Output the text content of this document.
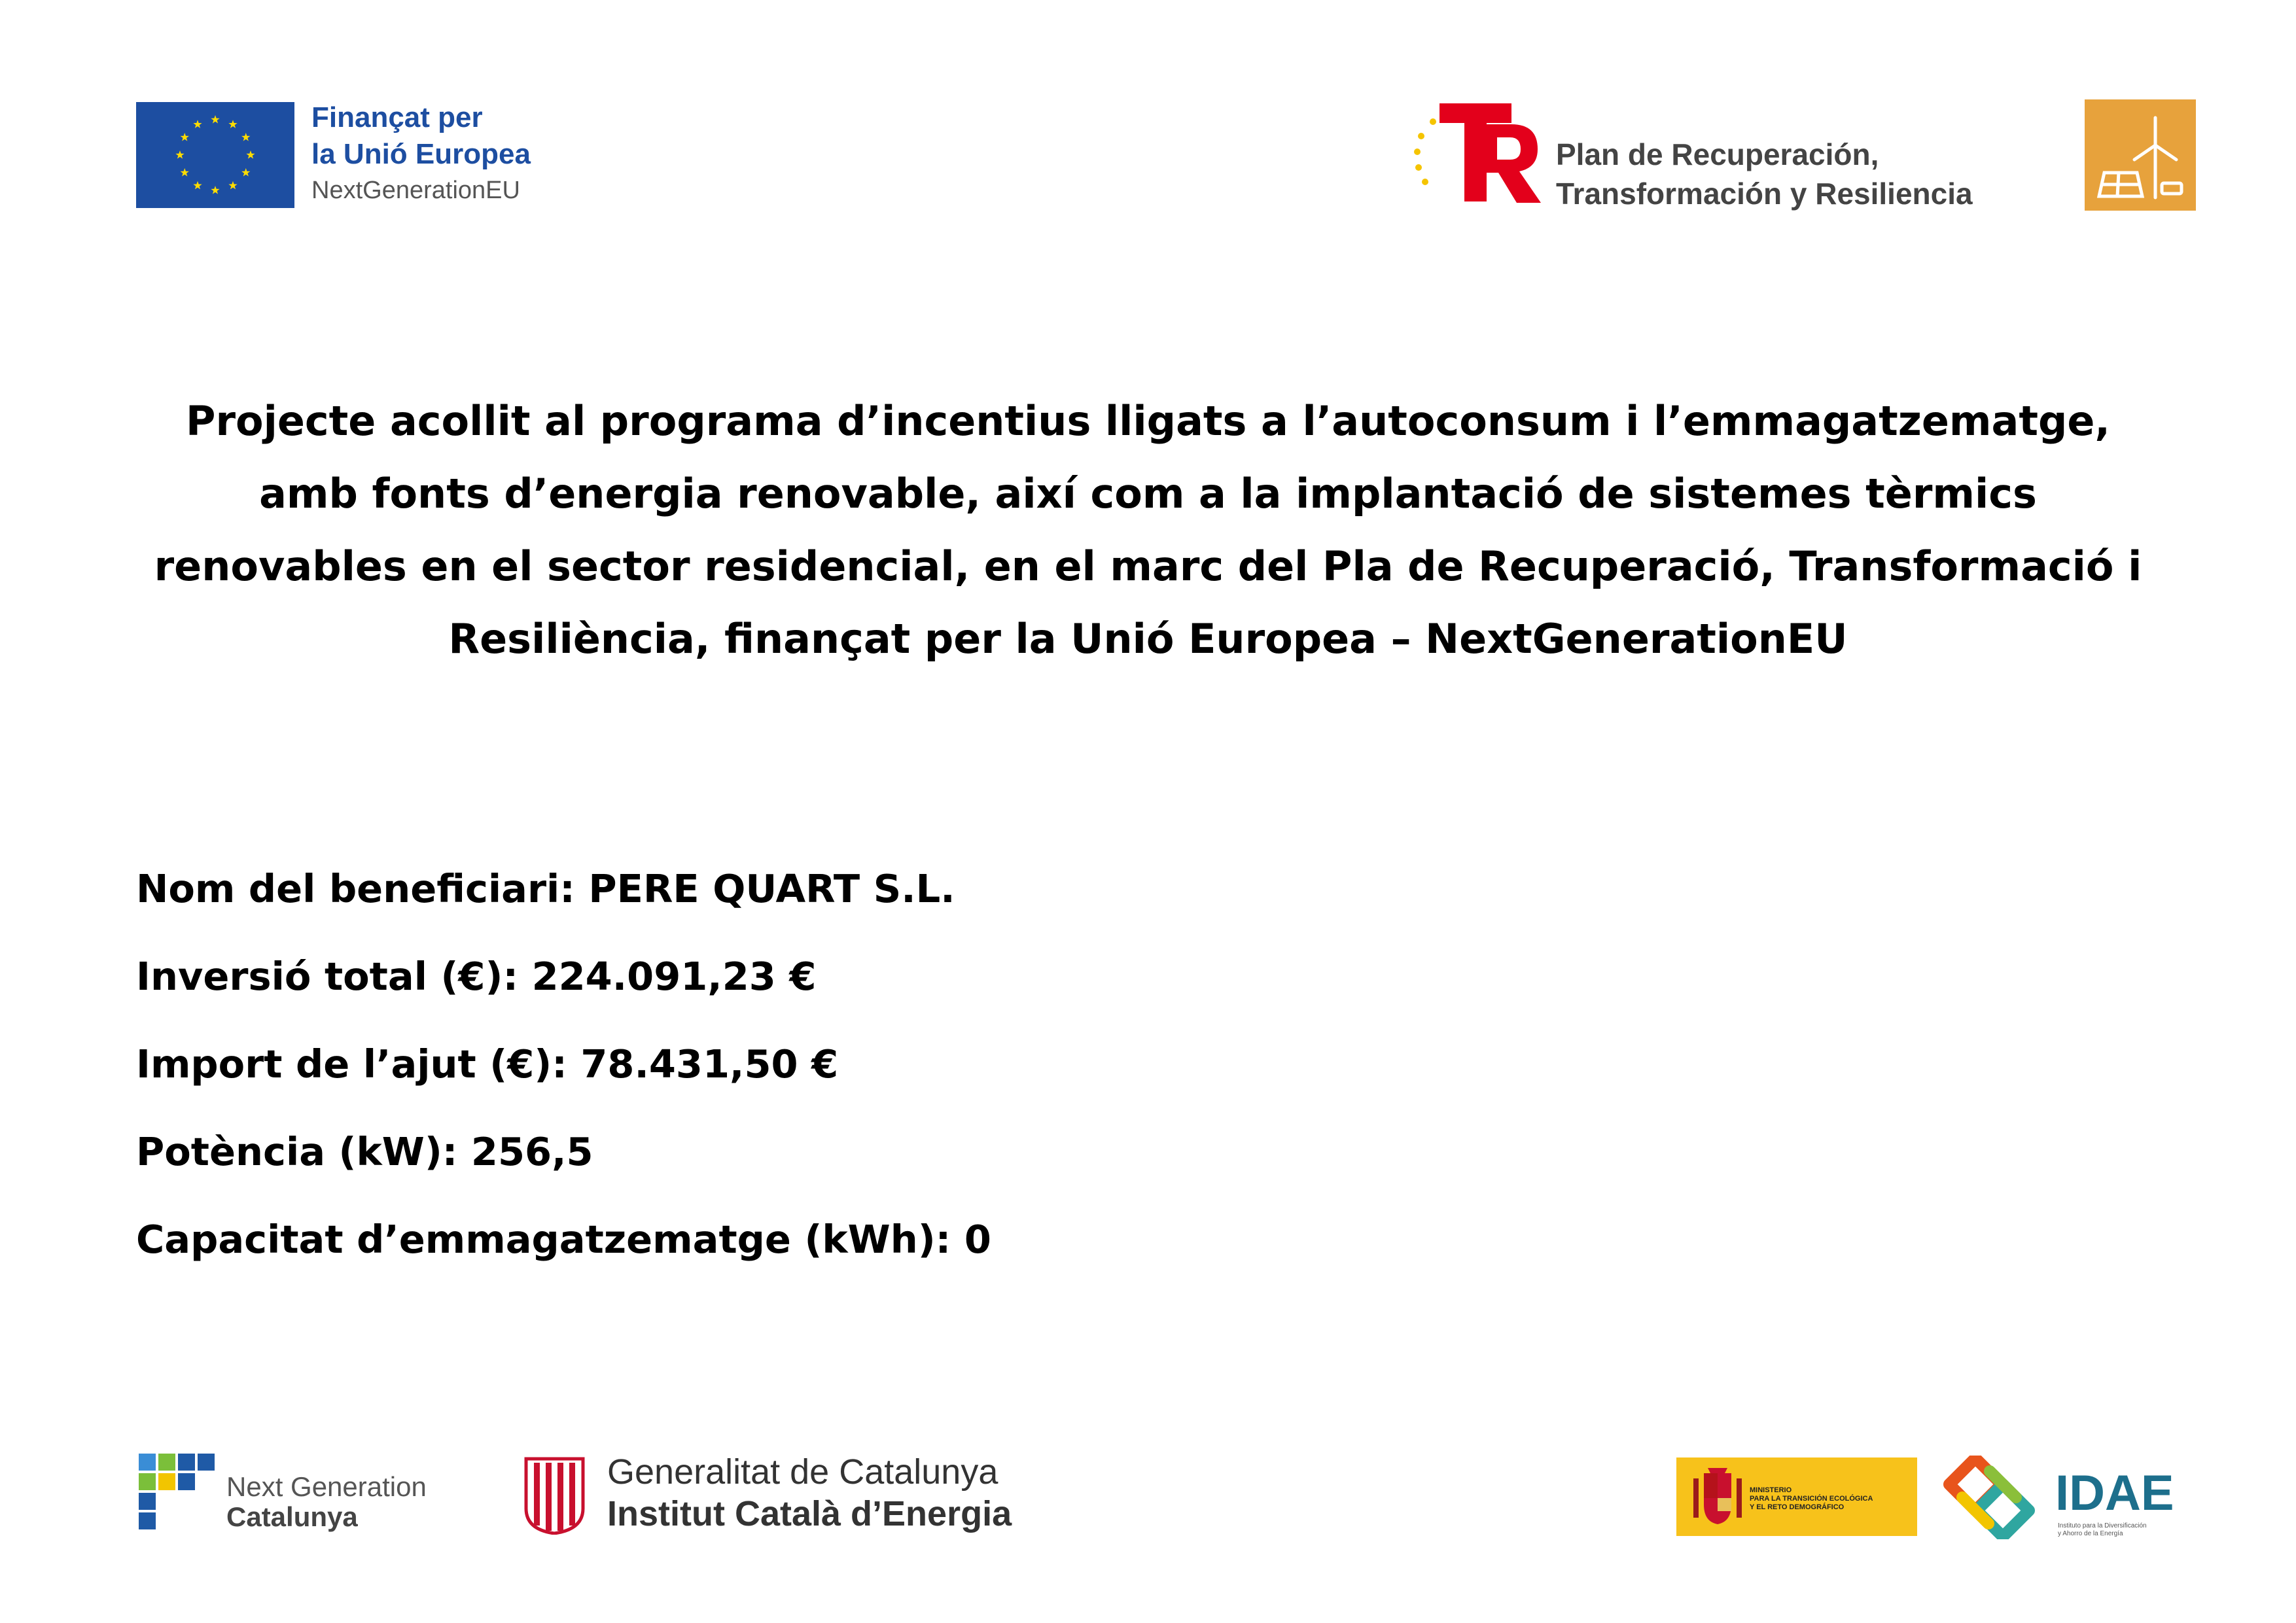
Finançat per
la Unió Europea
NextGenerationEU
Plan de Recuperación,
Transformación y Resiliencia
Projecte acollit al programa d’incentius lligats a l’autoconsum i l’emmagatzematge, amb fonts d’energia renovable, així com a la implantació de sistemes tèrmics renovables en el sector residencial, en el marc del Pla de Recuperació, Transformació i Resiliència, finançat per la Unió Europea – NextGenerationEU
Nom del beneficiari: PERE QUART S.L.
Inversió total (€): 224.091,23 €
Import de l’ajut (€): 78.431,50 €
Potència (kW): 256,5
Capacitat d’emmagatzematge (kWh): 0
Next Generation
Catalunya
Generalitat de Catalunya
Institut Català d’Energia
MINISTERIO
PARA LA TRANSICIÓN ECOLÓGICA
Y EL RETO DEMOGRÁFICO	IDAE
Instituto para la Diversificación
y Ahorro de la Energía
